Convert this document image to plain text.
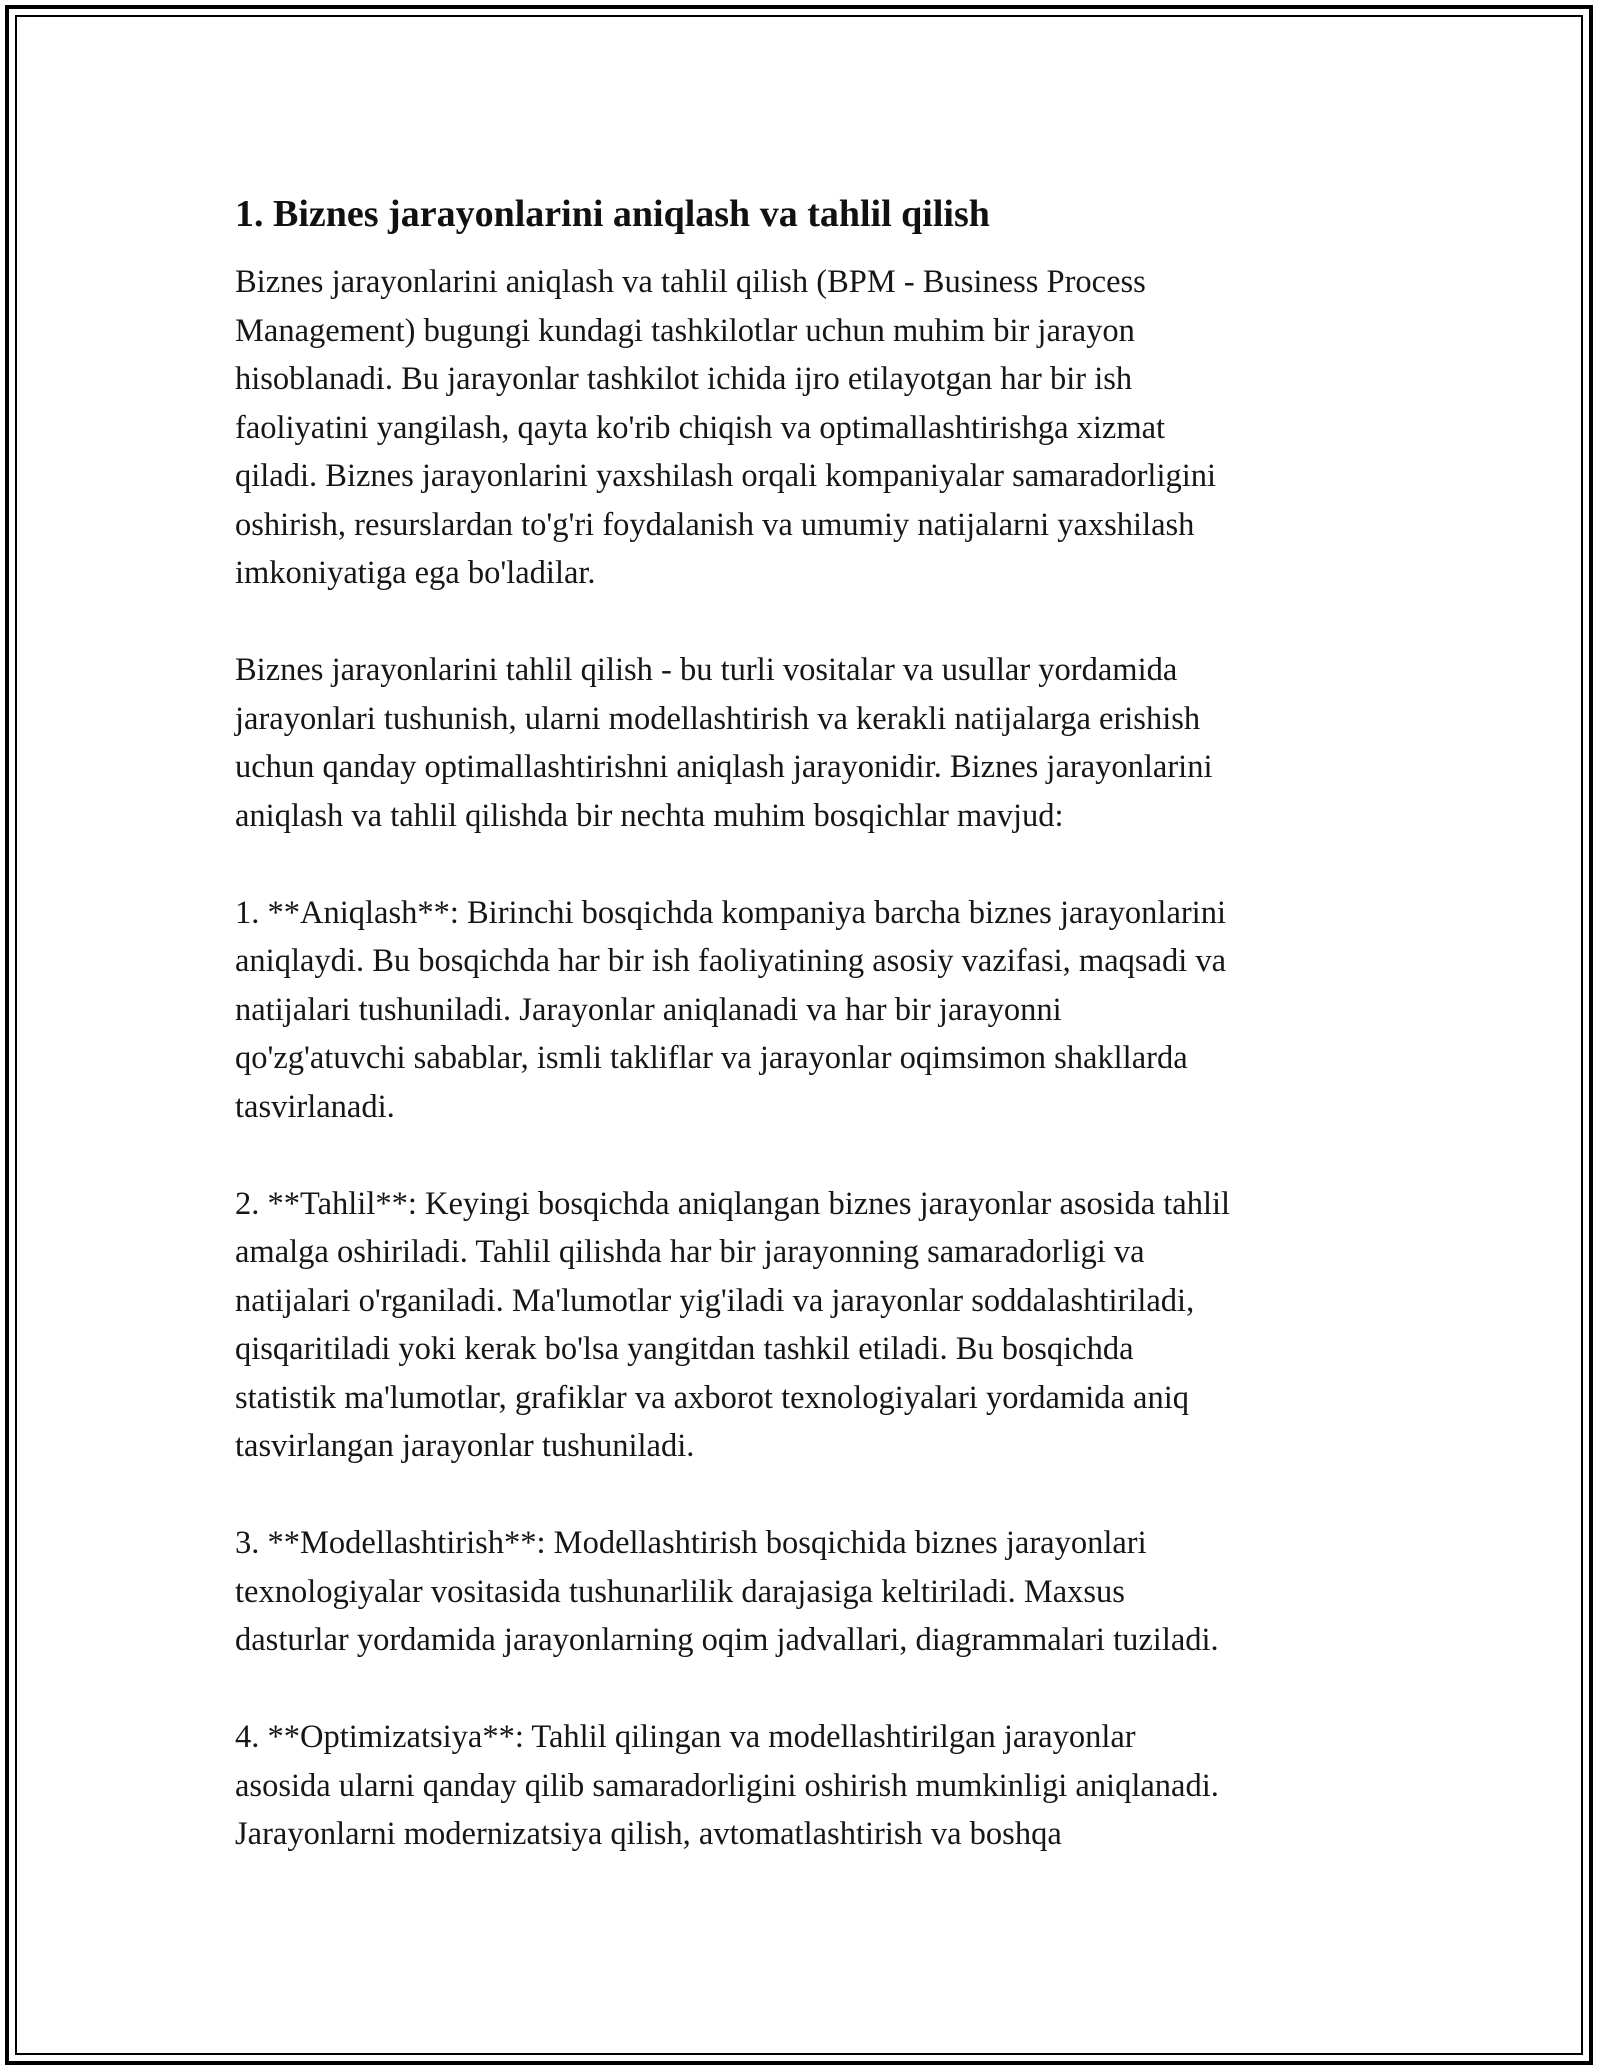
1. Biznes jarayonlarini aniqlash va tahlil qilish

Biznes jarayonlarini aniqlash va tahlil qilish (BPM - Business Process
Management) bugungi kundagi tashkilotlar uchun muhim bir jarayon
hisoblanadi. Bu jarayonlar tashkilot ichida ijro etilayotgan har bir ish
faoliyatini yangilash, qayta ko'rib chiqish va optimallashtirishga xizmat
qiladi. Biznes jarayonlarini yaxshilash orqali kompaniyalar samaradorligini
oshirish, resurslardan to'g'ri foydalanish va umumiy natijalarni yaxshilash
imkoniyatiga ega bo'ladilar.

Biznes jarayonlarini tahlil qilish - bu turli vositalar va usullar yordamida
jarayonlari tushunish, ularni modellashtirish va kerakli natijalarga erishish
uchun qanday optimallashtirishni aniqlash jarayonidir. Biznes jarayonlarini
aniqlash va tahlil qilishda bir nechta muhim bosqichlar mavjud:

1. **Aniqlash**: Birinchi bosqichda kompaniya barcha biznes jarayonlarini
aniqlaydi. Bu bosqichda har bir ish faoliyatining asosiy vazifasi, maqsadi va
natijalari tushuniladi. Jarayonlar aniqlanadi va har bir jarayonni
qo'zg'atuvchi sabablar, ismli takliflar va jarayonlar oqimsimon shakllarda
tasvirlanadi.

2. **Tahlil**: Keyingi bosqichda aniqlangan biznes jarayonlar asosida tahlil
amalga oshiriladi. Tahlil qilishda har bir jarayonning samaradorligi va
natijalari o'rganiladi. Ma'lumotlar yig'iladi va jarayonlar soddalashtiriladi,
qisqaritiladi yoki kerak bo'lsa yangitdan tashkil etiladi. Bu bosqichda
statistik ma'lumotlar, grafiklar va axborot texnologiyalari yordamida aniq
tasvirlangan jarayonlar tushuniladi.

3. **Modellashtirish**: Modellashtirish bosqichida biznes jarayonlari
texnologiyalar vositasida tushunarlilik darajasiga keltiriladi. Maxsus
dasturlar yordamida jarayonlarning oqim jadvallari, diagrammalari tuziladi.

4. **Optimizatsiya**: Tahlil qilingan va modellashtirilgan jarayonlar
asosida ularni qanday qilib samaradorligini oshirish mumkinligi aniqlanadi.
Jarayonlarni modernizatsiya qilish, avtomatlashtirish va boshqa
